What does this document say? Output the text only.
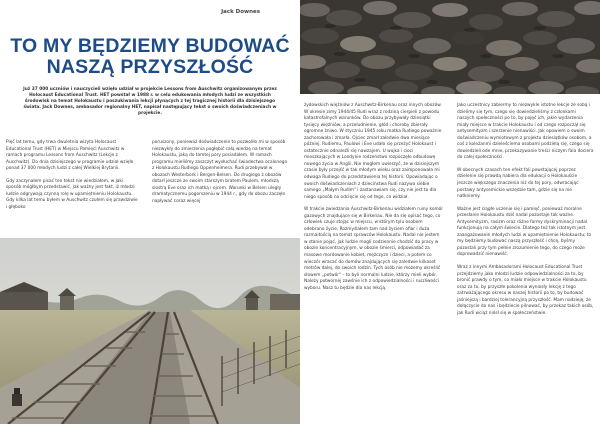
Jack Downes
TO MY BĘDZIEMY BUDOWAĆ
NASZĄ PRZYSZŁOŚĆ

Już 37 000 uczniów i nauczycieli wzięło udział w projekcie Lessons from Auschwitz organizowanym przez Holocaust Educational Trust. HET powstał w 1988 r. w celu edukowania młodych ludzi ze wszystkich środowisk na temat Holokaustu i poszukiwania lekcji płynących z tej tragicznej historii dla dzisiejszego świata. Jack Downes, ambasador regionalny HET, napisał następujący tekst o swoich doświadczeniach w projekcie.

Pięć lat temu, gdy trwa dwuletnia wizyta Holocaust Educational Trust (HET) w Miejscu Pamięci Auschwitz w ramach programu Lessons from Auschwitz (Lekcje z Auschwitz). Do dnia dzisiejszego w programie udział wzięło ponad 37 000 młodych ludzi z całej Wielkiej Brytanii.

Gdy zaczynałem pisać ten tekst nie wiedziałem, w jaki sposób mógłbym przedstawić, jak ważny jest fakt, iż młodzi ludzie odgrywają czynną rolę w upamiętnieniu Holokaustu. Gdy kilka lat temu byłem w Auschwitz czułem się prawdziwie i głęboko

poruszony, ponieważ doświadczenie to pozwoliło mi w sposób niezwykły do zmierzenia pogłębić całą wiedzę na temat Holokaustu, jaką do tamtej pory posiadałem. W ramach programu mieliśmy zaszczyt wysłuchać świadectwa ocalonego z Holokaustu Rudiego Oppenheimera. Rudi przebywał w obozach Westerbork i Bergen-Belsen. Do drugiego z obozów dotarł jeszcze ze swoim starszym bratem Paulem, młodszą siostrą Eve oraz ich matką i ojcem. Warunki w Belsen uległy dramatycznemu pogorszeniu w 1944 r., gdy do obozu zaczęło napływać coraz więcej

żydowskich więźniów z Auschwitz-Birkenau oraz innych obozów. W okresie zimy 1944/45 Rudi wraz z rodziną cierpieli z powodu katastrofalnych warunków. Do obozu przybywały dziesiątki tysięcy więźniów, a przeludnienie, głód i choroby zbierały ogromne żniwo. W styczniu 1945 roku matka Rudiego poważnie zachorowała i zmarła. Ojciec zmarł zaledwie dwa miesiące później. Rudiemu, Paulowi i Eve udało się przeżyć Holokaust i ostatecznie odnaleźli się nawzajem. U wujka i cioci mieszkających w Londynie rodzeństwo rozpoczęło odbudowę nowego życia w Anglii. Nie mogłem uwierzyć, że w dzisiejszym czasie były przejść w tak młodym wieku oraz zaimponowała mi odwaga Rudiego do przedstawienia tej historii. Opowiadając o swoich doświadczeniach z dzieciństwa Rudi nazywa siebie samego „Małym Rudim" i zastanawiam się, czy nie jest to dla niego sposób na odcięcie się od tego, co widział.

W trakcie zwiedzania Auschwitz-Birkenau widziałem ruiny komór gazowych znajdujące się w Birkenau. Nie da się opisać tego, co człowiek czuje stojąc w miejscu, w którym tylu osobom odebrano życie. Rozmyślałem tam nad życiem ofiar i duża rozmaitością na temat sprawców Holokaustu. Nadal nie jestem w stanie pojąć, jak ludzie mogli codziennie chodzić do pracy w obozie koncentracyjnym, w obozie śmierci, odpowiadać za masowe mordowanie kobiet, mężczyzn i dzieci, a potem co wieczór wracać do domów znajdujących się zaledwie kilkaset metrów dalej, do swoich rodzin. Tych osób nie możemy określić słowem „potwór" – to byli normalni ludzie, którzy mieli wybór. Należy potwornej zawśnie ich z odpowiedzialności i ruszliwości wyboru. Nasz tu będzie dla nas lekcją.

Jako uczestnicy zabiermy to niezwykle istotne lekcje ze sobą i dzielimy się tym, czego się dowiedzieliśmy z członkami naszych społeczności po to, by pojęć ich, jakie wydarzenia miały miejsce w trakcie Holokaustu i od czego rozpoczął się antysemityzm i szerzenie nienawiści. Jak opowiem o swoim doświadczeniu wymiotowym z projektu dziesiątków osobom, a coś z koleżanmi dzieleściema osobami podzielą się, czego się dowiedzieli ode mnie, przekazywanie treści niczym fala dociera do całej społeczności.

W obecnych czasach ten efekt fali powstającej poprzez dzielenie się prawdą nabiera dla edukacji o Holokauście jeszcze większego znaczenia niż do tej pory, odwracając postawy antysemickie wszędzie tam, gdzie się na nie natkniemy.

Ważne jest ciągłe uczenie się i pamięć, ponieważ moralne przesłanie Holokaustu dziś nadal pozostaje tak ważne. Antysemityzm, rasizm oraz różne formy dyskryminacji nadal funkcjonują na całym świecie. Dlatego też tak istotnym jest zaangażowanie młodych ludzi w upamiętnienie Holokaustu; to my będziemy budować naszą przyszłość i chcę, byśmy pozostali przy tym pełnie zrozumienie tego, do czego może doprowadzić nienawiść.

Wraz z innymi Ambasadorami Holocaust Educational Trust przejdziemy jako młodzi ludzie odpowiedzialności za to, by bronić prawdy o tym, co miało miejsce w trakcie Holokaustu oraz za to, by przyszłe pokolenia wyniosły lekcję z tego zatrważającego okresu w naszej historii po to, by budować jaśniejszą i bardziej tolerancyjną przyszłość. Mam nadzieję, że dołączycie do nas i będziecie pilnować, by przekaz takich osób, jak Rudi wciąż niósł się w społeczeństwie.
